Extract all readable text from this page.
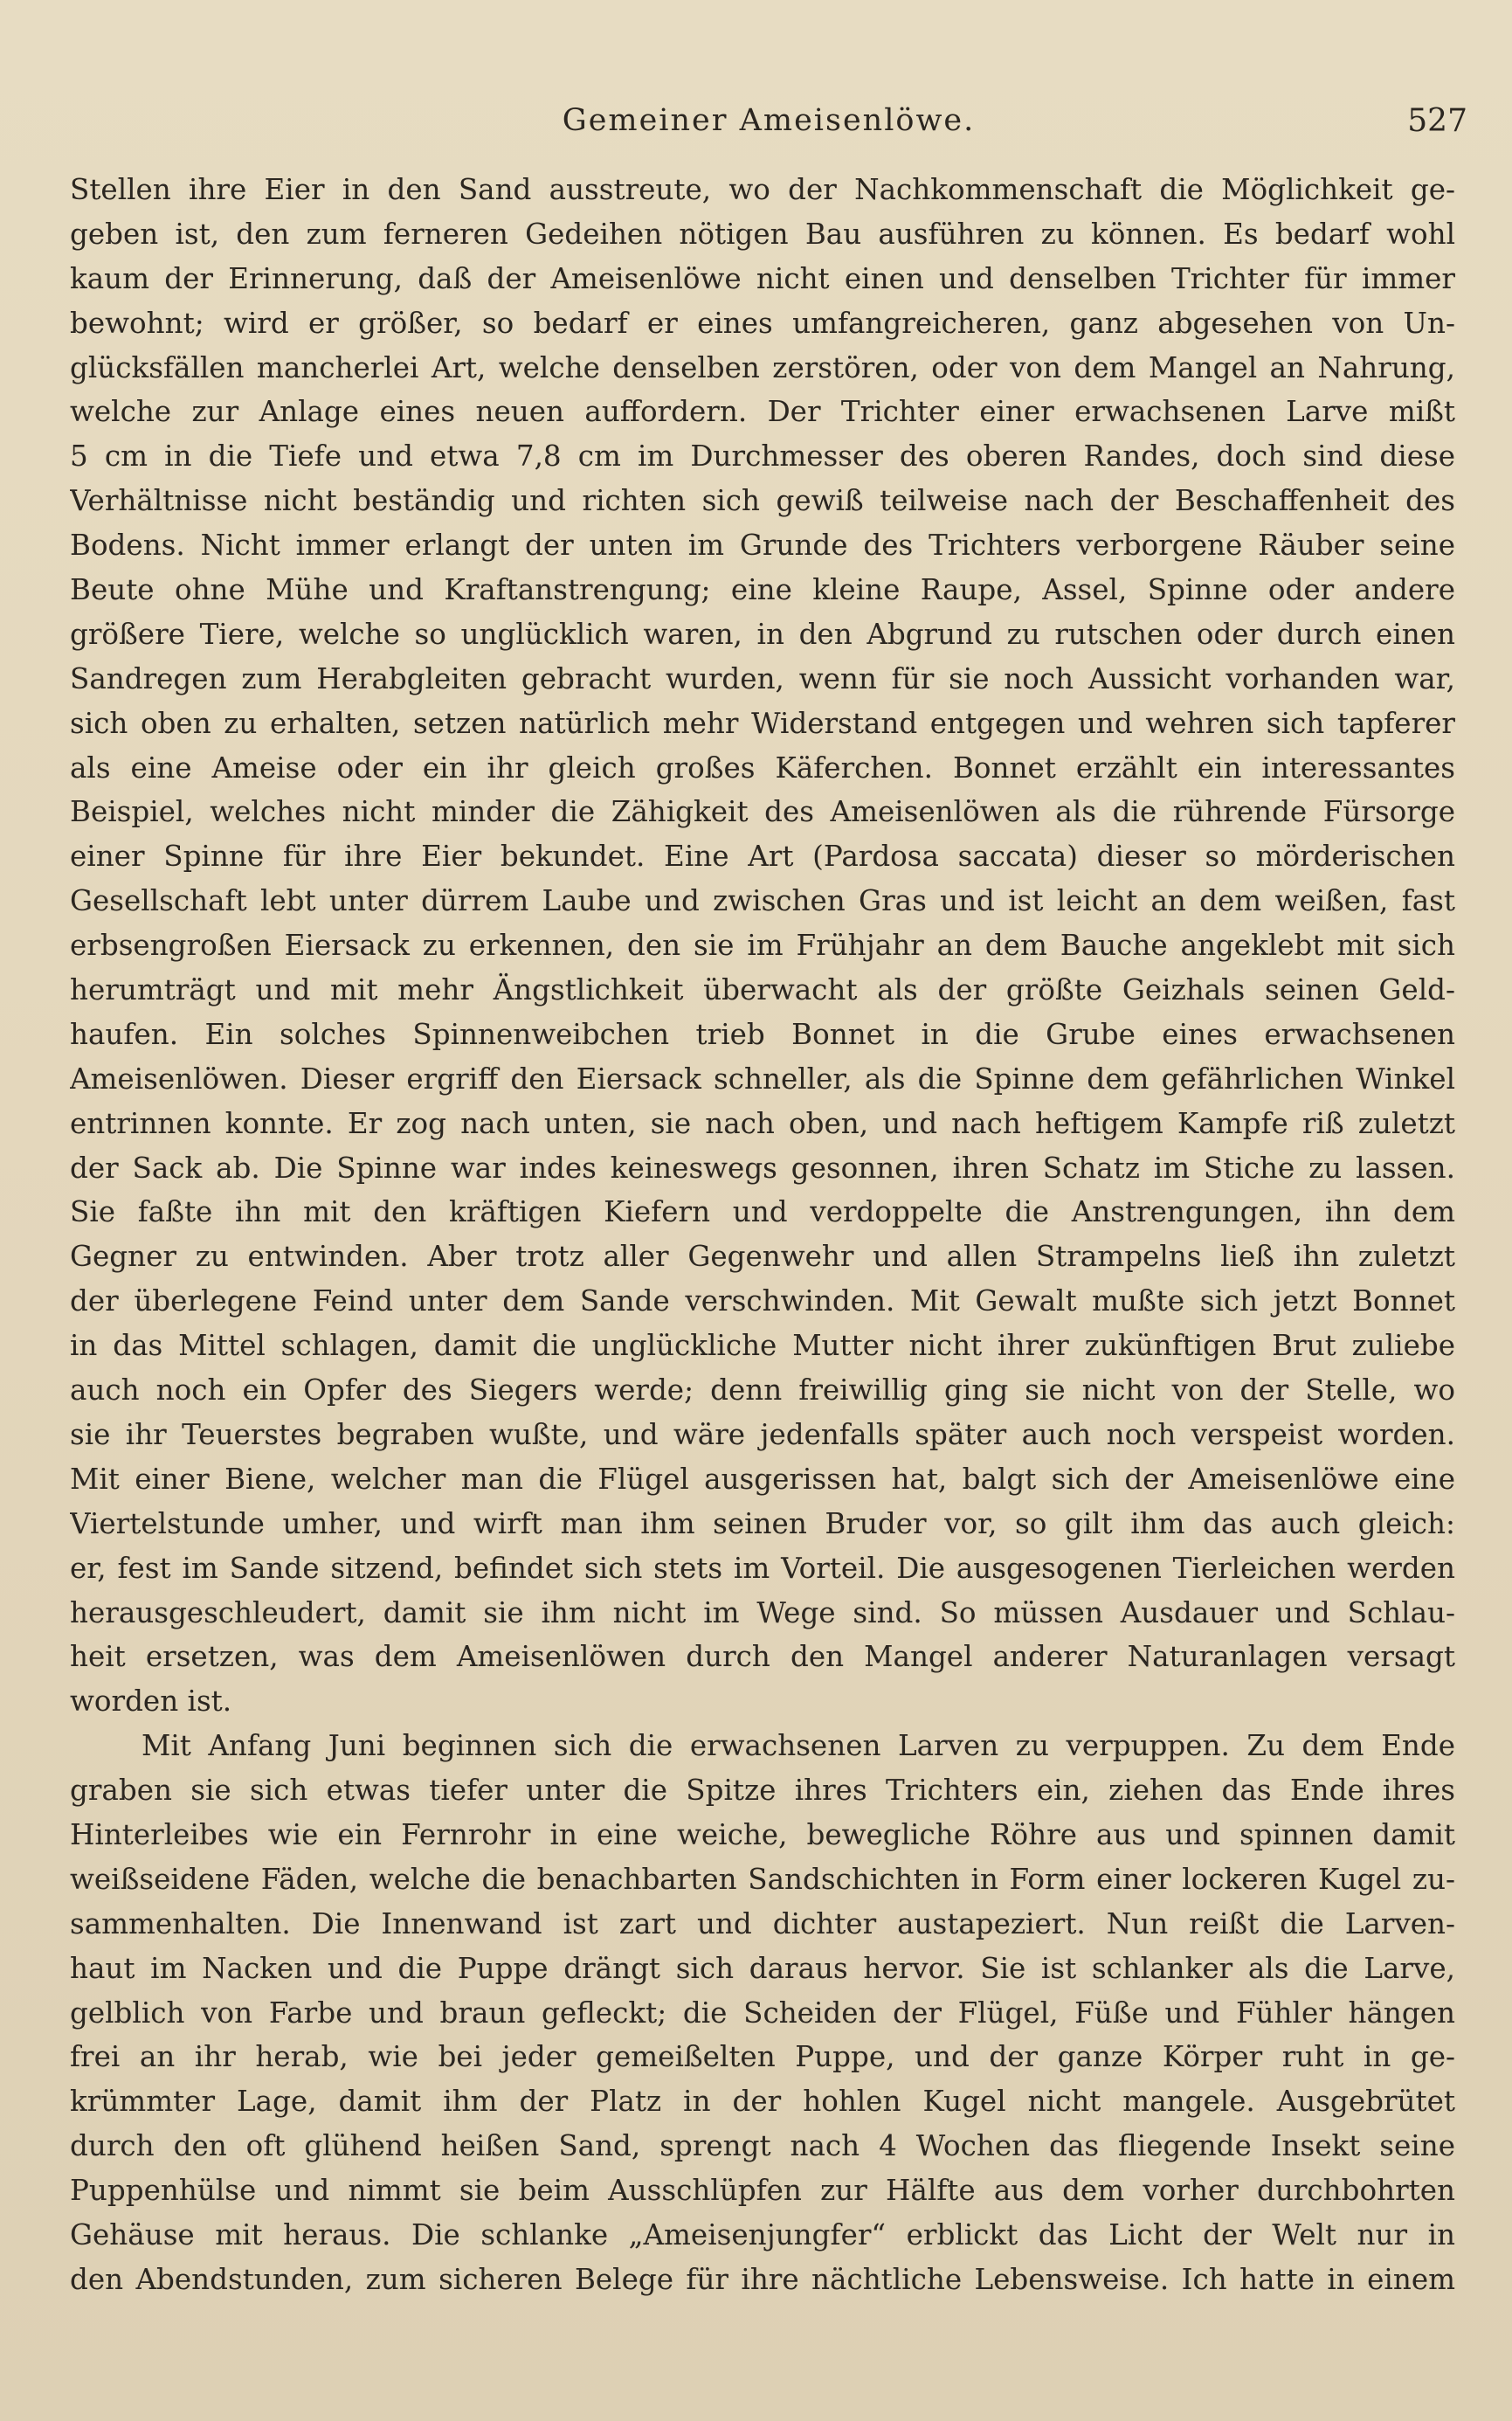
Gemeiner Ameisenlöwe.	527
Stellen ihre Eier in den Sand ausstreute, wo der Nachkommenschaft die Möglichkeit ge-
geben ist, den zum ferneren Gedeihen nötigen Bau ausführen zu können. Es bedarf wohl
kaum der Erinnerung, daß der Ameisenlöwe nicht einen und denselben Trichter für immer
bewohnt; wird er größer, so bedarf er eines umfangreicheren, ganz abgesehen von Un-
glücksfällen mancherlei Art, welche denselben zerstören, oder von dem Mangel an Nahrung,
welche zur Anlage eines neuen auffordern. Der Trichter einer erwachsenen Larve mißt
5 cm in die Tiefe und etwa 7,8 cm im Durchmesser des oberen Randes, doch sind diese
Verhältnisse nicht beständig und richten sich gewiß teilweise nach der Beschaffenheit des
Bodens. Nicht immer erlangt der unten im Grunde des Trichters verborgene Räuber seine
Beute ohne Mühe und Kraftanstrengung; eine kleine Raupe, Assel, Spinne oder andere
größere Tiere, welche so unglücklich waren, in den Abgrund zu rutschen oder durch einen
Sandregen zum Herabgleiten gebracht wurden, wenn für sie noch Aussicht vorhanden war,
sich oben zu erhalten, setzen natürlich mehr Widerstand entgegen und wehren sich tapferer
als eine Ameise oder ein ihr gleich großes Käferchen. Bonnet erzählt ein interessantes
Beispiel, welches nicht minder die Zähigkeit des Ameisenlöwen als die rührende Fürsorge
einer Spinne für ihre Eier bekundet. Eine Art (Pardosa saccata) dieser so mörderischen
Gesellschaft lebt unter dürrem Laube und zwischen Gras und ist leicht an dem weißen, fast
erbsengroßen Eiersack zu erkennen, den sie im Frühjahr an dem Bauche angeklebt mit sich
herumträgt und mit mehr Ängstlichkeit überwacht als der größte Geizhals seinen Geld-
haufen. Ein solches Spinnenweibchen trieb Bonnet in die Grube eines erwachsenen
Ameisenlöwen. Dieser ergriff den Eiersack schneller, als die Spinne dem gefährlichen Winkel
entrinnen konnte. Er zog nach unten, sie nach oben, und nach heftigem Kampfe riß zuletzt
der Sack ab. Die Spinne war indes keineswegs gesonnen, ihren Schatz im Stiche zu lassen.
Sie faßte ihn mit den kräftigen Kiefern und verdoppelte die Anstrengungen, ihn dem
Gegner zu entwinden. Aber trotz aller Gegenwehr und allen Strampelns ließ ihn zuletzt
der überlegene Feind unter dem Sande verschwinden. Mit Gewalt mußte sich jetzt Bonnet
in das Mittel schlagen, damit die unglückliche Mutter nicht ihrer zukünftigen Brut zuliebe
auch noch ein Opfer des Siegers werde; denn freiwillig ging sie nicht von der Stelle, wo
sie ihr Teuerstes begraben wußte, und wäre jedenfalls später auch noch verspeist worden.
Mit einer Biene, welcher man die Flügel ausgerissen hat, balgt sich der Ameisenlöwe eine
Viertelstunde umher, und wirft man ihm seinen Bruder vor, so gilt ihm das auch gleich:
er, fest im Sande sitzend, befindet sich stets im Vorteil. Die ausgesogenen Tierleichen werden
herausgeschleudert, damit sie ihm nicht im Wege sind. So müssen Ausdauer und Schlau-
heit ersetzen, was dem Ameisenlöwen durch den Mangel anderer Naturanlagen versagt
worden ist.
Mit Anfang Juni beginnen sich die erwachsenen Larven zu verpuppen. Zu dem Ende
graben sie sich etwas tiefer unter die Spitze ihres Trichters ein, ziehen das Ende ihres
Hinterleibes wie ein Fernrohr in eine weiche, bewegliche Röhre aus und spinnen damit
weißseidene Fäden, welche die benachbarten Sandschichten in Form einer lockeren Kugel zu-
sammenhalten. Die Innenwand ist zart und dichter austapeziert. Nun reißt die Larven-
haut im Nacken und die Puppe drängt sich daraus hervor. Sie ist schlanker als die Larve,
gelblich von Farbe und braun gefleckt; die Scheiden der Flügel, Füße und Fühler hängen
frei an ihr herab, wie bei jeder gemeißelten Puppe, und der ganze Körper ruht in ge-
krümmter Lage, damit ihm der Platz in der hohlen Kugel nicht mangele. Ausgebrütet
durch den oft glühend heißen Sand, sprengt nach 4 Wochen das fliegende Insekt seine
Puppenhülse und nimmt sie beim Ausschlüpfen zur Hälfte aus dem vorher durchbohrten
Gehäuse mit heraus. Die schlanke „Ameisenjungfer“ erblickt das Licht der Welt nur in
den Abendstunden, zum sicheren Belege für ihre nächtliche Lebensweise. Ich hatte in einem
